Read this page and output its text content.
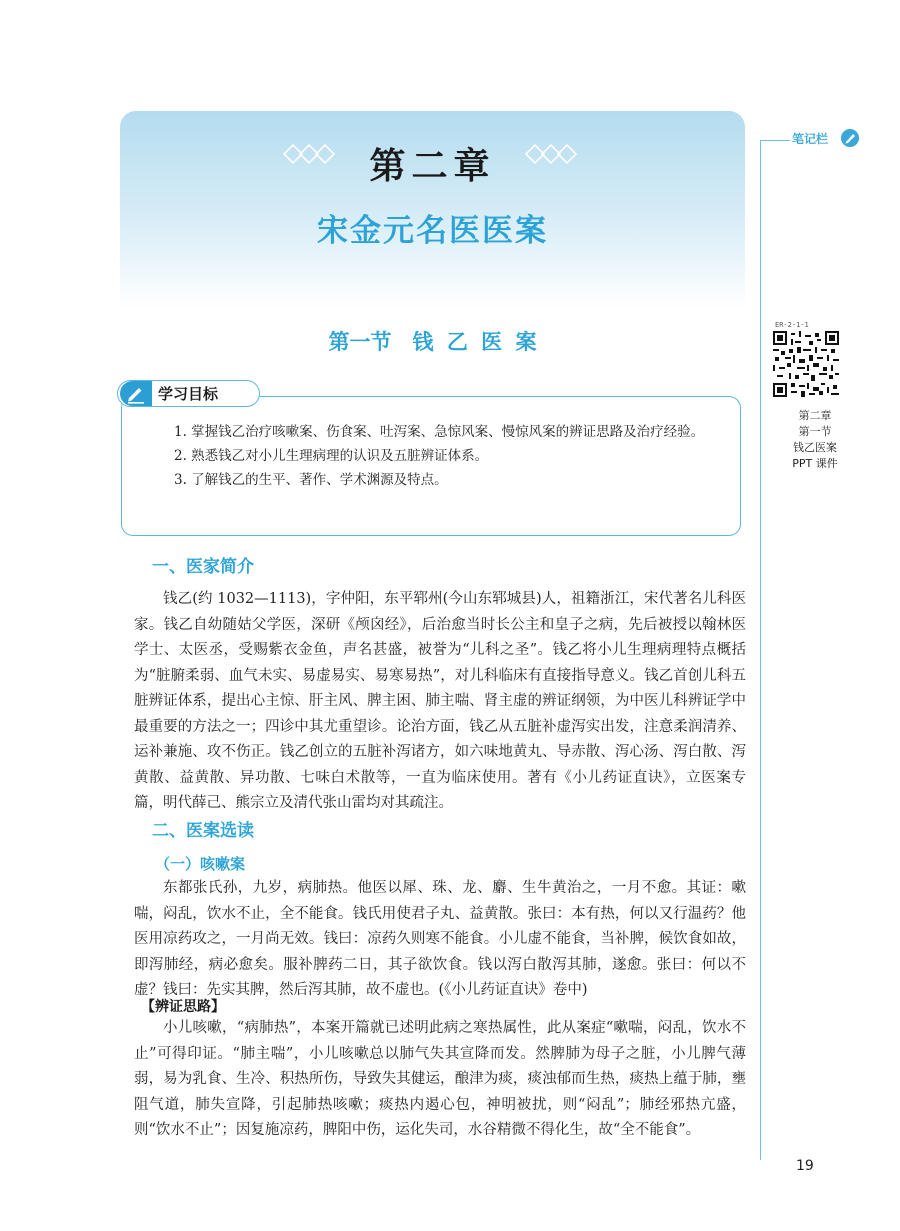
第二章
宋金元名医医案
第一节　钱 乙 医 案
笔记栏
ER-2-1-1
第二章
第一节
钱乙医案
PPT 课件
学习目标

1. 掌握钱乙治疗咳嗽案、伤食案、吐泻案、急惊风案、慢惊风案的辨证思路及治疗经验。

2. 熟悉钱乙对小儿生理病理的认识及五脏辨证体系。

3. 了解钱乙的生平、著作、学术渊源及特点。

一、医家简介

钱乙(约 1032—1113)，字仲阳，东平郓州(今山东郓城县)人，祖籍浙江，宋代著名儿科医家。钱乙自幼随姑父学医，深研《颅囟经》，后治愈当时长公主和皇子之病，先后被授以翰林医学士、太医丞，受赐紫衣金鱼，声名甚盛，被誉为“儿科之圣”。钱乙将小儿生理病理特点概括为“脏腑柔弱、血气未实、易虚易实、易寒易热”，对儿科临床有直接指导意义。钱乙首创儿科五脏辨证体系，提出心主惊、肝主风、脾主困、肺主喘、肾主虚的辨证纲领，为中医儿科辨证学中最重要的方法之一；四诊中其尤重望诊。论治方面，钱乙从五脏补虚泻实出发，注意柔润清养、运补兼施、攻不伤正。钱乙创立的五脏补泻诸方，如六味地黄丸、导赤散、泻心汤、泻白散、泻黄散、益黄散、异功散、七味白术散等，一直为临床使用。著有《小儿药证直诀》，立医案专篇，明代薛己、熊宗立及清代张山雷均对其疏注。

二、医案选读
（一）咳嗽案

东都张氏孙，九岁，病肺热。他医以犀、珠、龙、麝、生牛黄治之，一月不愈。其证：嗽喘，闷乱，饮水不止，全不能食。钱氏用使君子丸、益黄散。张曰：本有热，何以又行温药？他医用凉药攻之，一月尚无效。钱曰：凉药久则寒不能食。小儿虚不能食，当补脾，候饮食如故，即泻肺经，病必愈矣。服补脾药二日，其子欲饮食。钱以泻白散泻其肺，遂愈。张曰：何以不虚？钱曰：先实其脾，然后泻其肺，故不虚也。(《小儿药证直诀》卷中)

【辨证思路】

小儿咳嗽，“病肺热”，本案开篇就已述明此病之寒热属性，此从案症“嗽喘，闷乱，饮水不止”可得印证。“肺主喘”，小儿咳嗽总以肺气失其宣降而发。然脾肺为母子之脏，小儿脾气薄弱，易为乳食、生冷、积热所伤，导致失其健运，酿津为痰，痰浊郁而生热，痰热上蕴于肺，壅阻气道，肺失宣降，引起肺热咳嗽；痰热内遏心包，神明被扰，则“闷乱”；肺经邪热亢盛，则“饮水不止”；因复施凉药，脾阳中伤，运化失司，水谷精微不得化生，故“全不能食”。

19
